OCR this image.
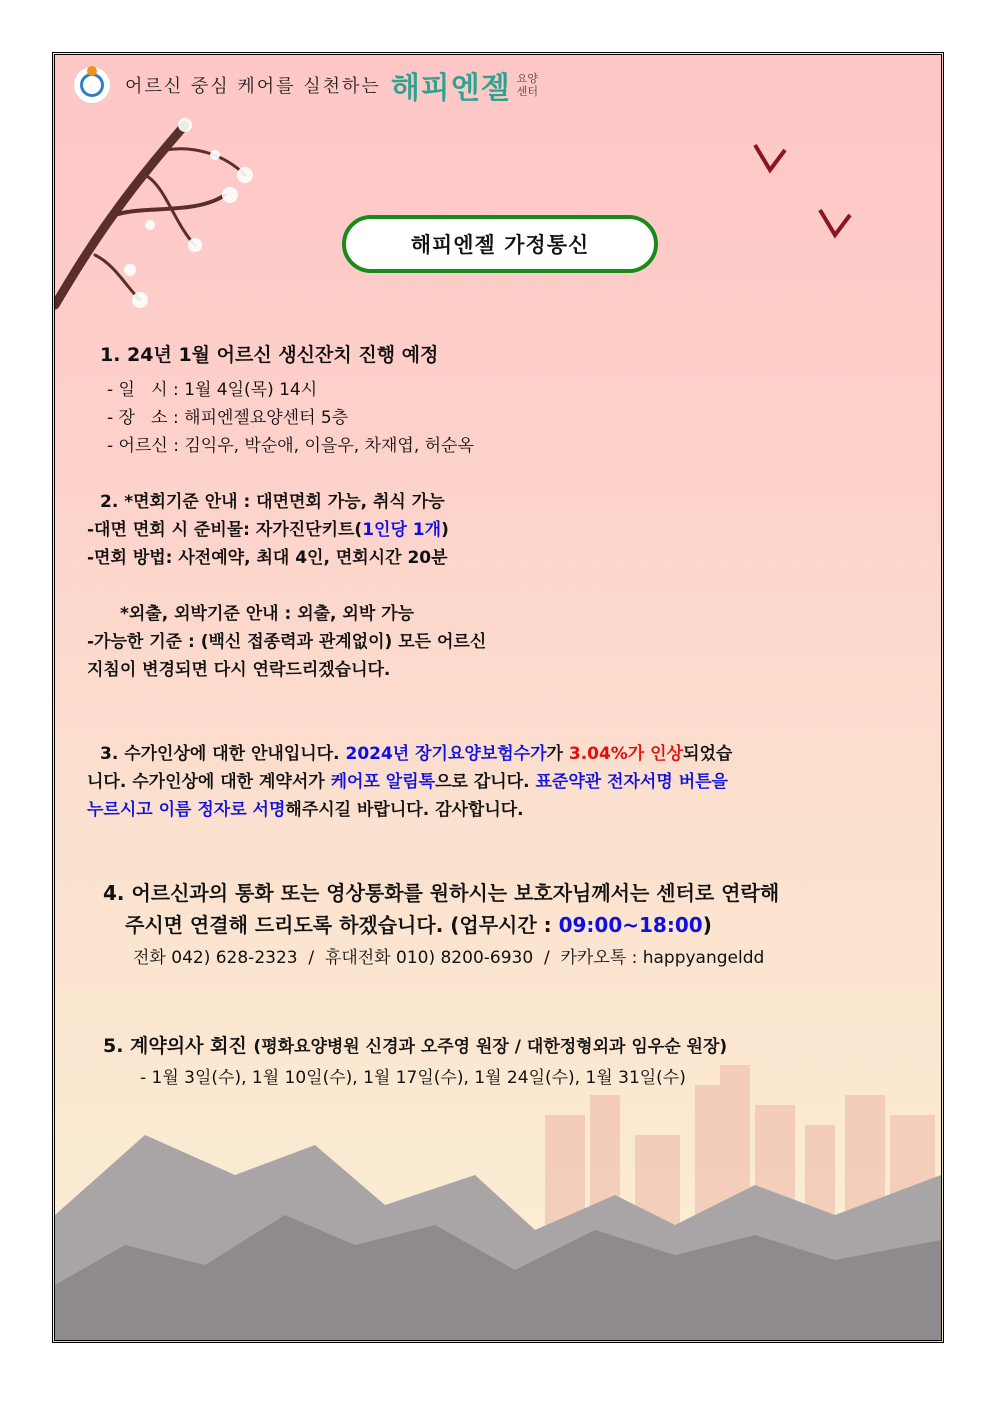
어르신 중심 케어를 실천하는 해피엔젤 요양
센터
해피엔젤 가정통신
1. 24년 1월 어르신 생신잔치 진행 예정
- 일   시 : 1월 4일(목) 14시
- 장   소 : 해피엔젤요양센터 5층
- 어르신 : 김익우, 박순애, 이을우, 차재엽, 허순옥
2. *면회기준 안내 : 대면면회 가능, 취식 가능
-대면 면회 시 준비물: 자가진단키트(1인당 1개)
-면회 방법: 사전예약, 최대 4인, 면회시간 20분
*외출, 외박기준 안내 : 외출, 외박 가능
-가능한 기준 : (백신 접종력과 관계없이) 모든 어르신
지침이 변경되면 다시 연락드리겠습니다.
3. 수가인상에 대한 안내입니다. 2024년 장기요양보험수가가 3.04%가 인상되었습
니다. 수가인상에 대한 계약서가 케어포 알림톡으로 갑니다. 표준약관 전자서명 버튼을
누르시고 이름 정자로 서명해주시길 바랍니다. 감사합니다.
4. 어르신과의 통화 또는 영상통화를 원하시는 보호자님께서는 센터로 연락해
주시면 연결해 드리도록 하겠습니다. (업무시간 : 09:00~18:00)
전화 042) 628-2323  /  휴대전화 010) 8200-6930  /  카카오톡 : happyangeldd
5. 계약의사 회진 (평화요양병원 신경과 오주영 원장 / 대한정형외과 임우순 원장)
- 1월 3일(수), 1월 10일(수), 1월 17일(수), 1월 24일(수), 1월 31일(수)
